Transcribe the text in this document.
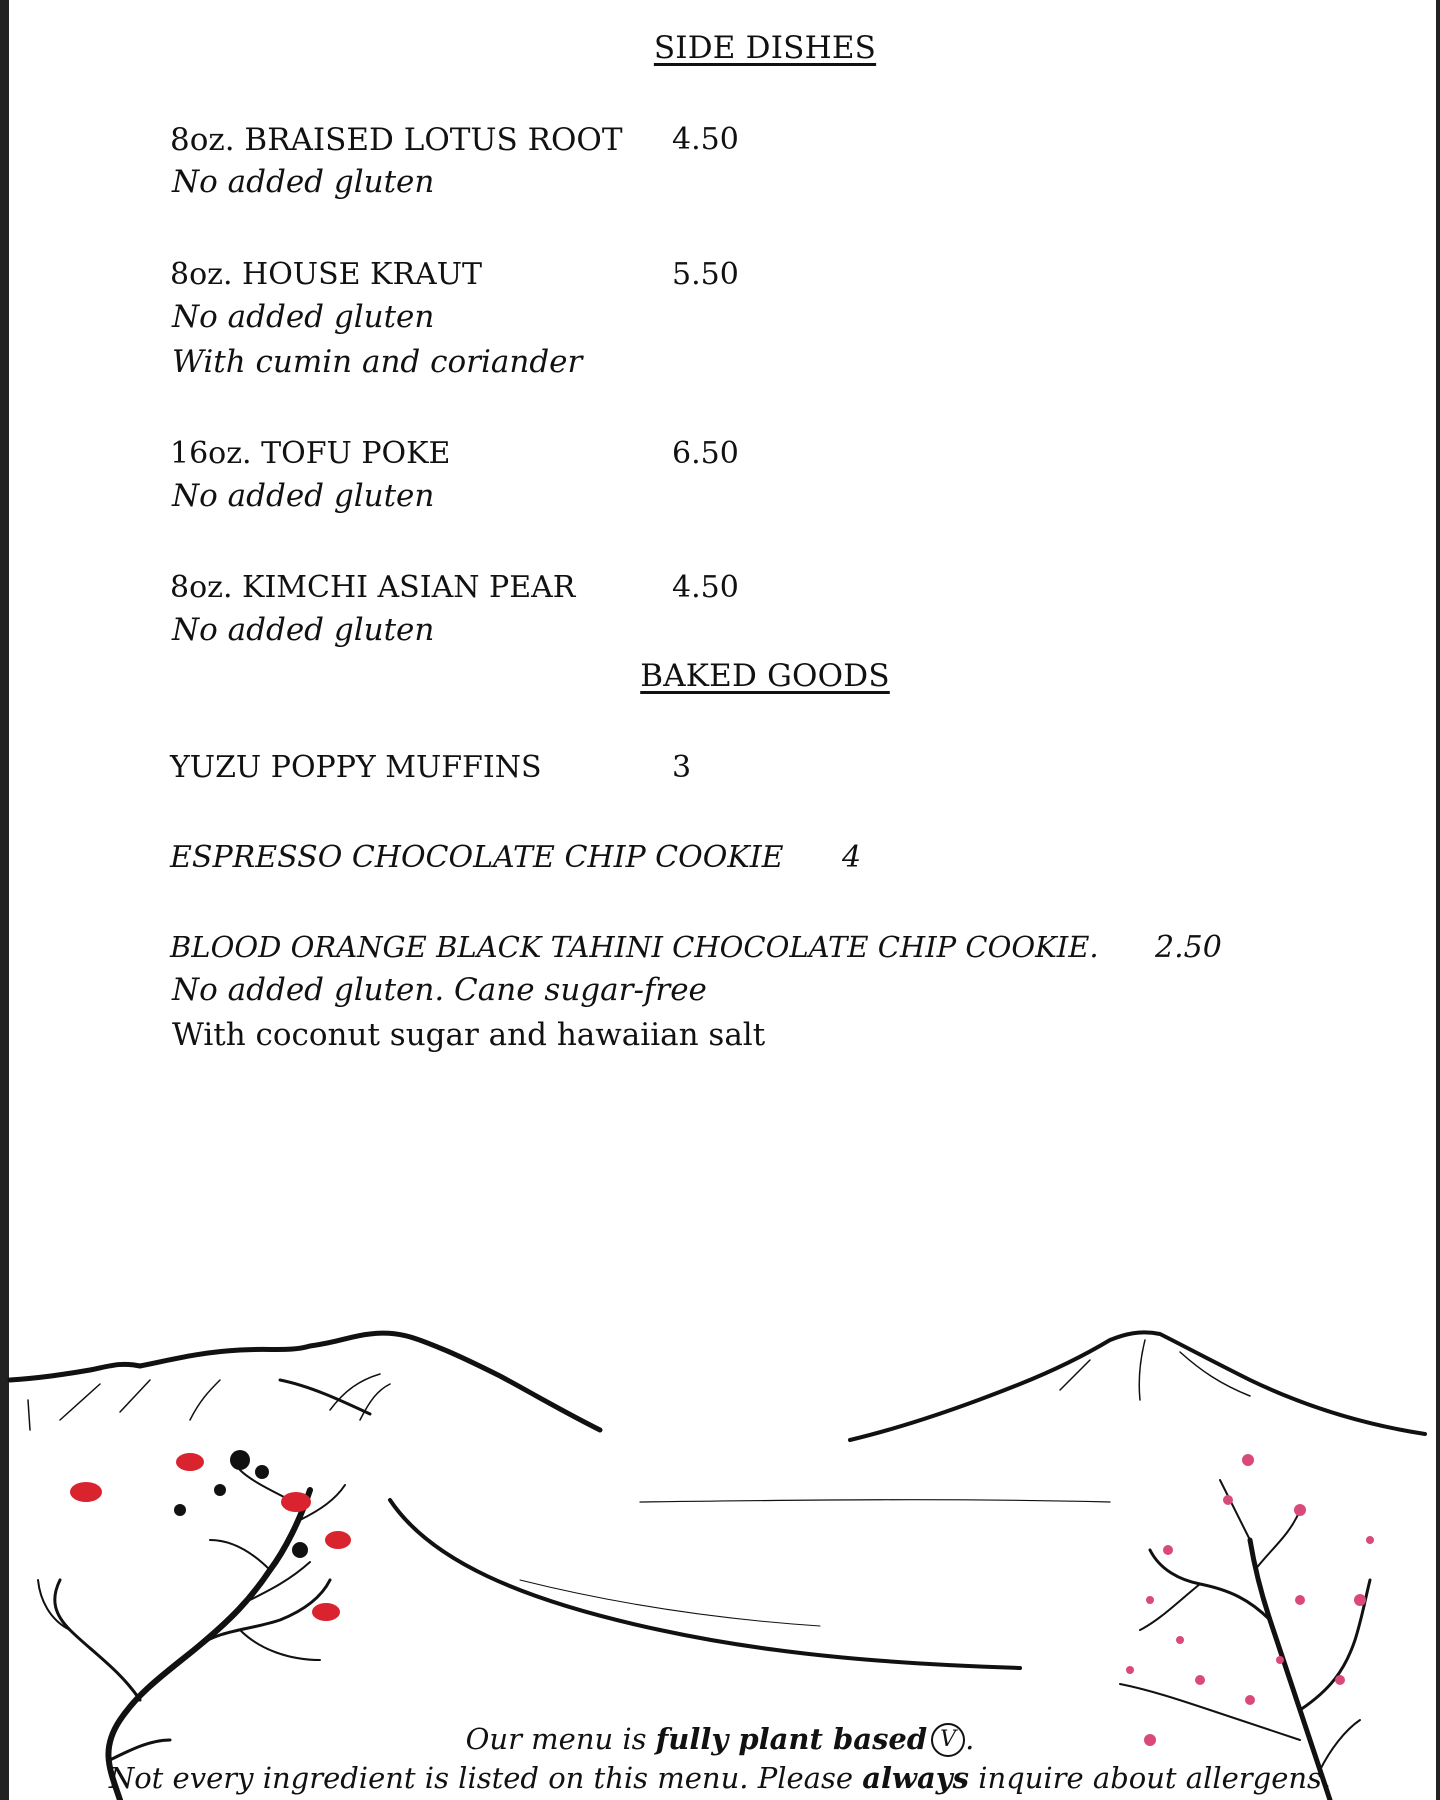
SIDE DISHES

8oz. BRAISED LOTUS ROOT 4.50

No added gluten

8oz. HOUSE KRAUT	5.50

No added gluten

With cumin and coriander

16oz. TOFU POKE	6.50

No added gluten

8oz. KIMCHI ASIAN PEAR	4.50

No added gluten

BAKED GOODS

YUZU POPPY MUFFINS	3

ESPRESSO CHOCOLATE CHIP COOKIE 4

BLOOD ORANGE BLACK TAHINI CHOCOLATE CHIP COOKIE. 2.50

No added gluten. Cane sugar-free

With coconut sugar and hawaiian salt

Our menu is fully plant based V .

Not every ingredient is listed on this menu. Please always inquire about allergens.
